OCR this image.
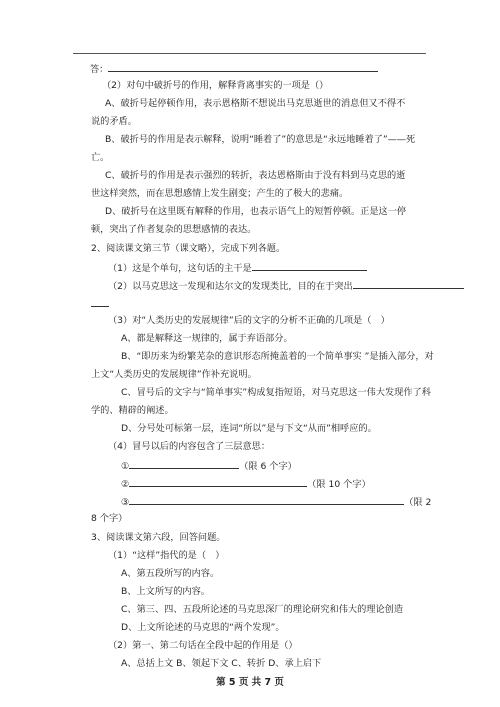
答：
（2）对句中破折号的作用，解释背离事实的一项是（）
A、破折号起停顿作用，表示恩格斯不想说出马克思逝世的消息但又不得不
说的矛盾。
B、破折号的作用是表示解释，说明“睡着了”的意思是“永远地睡着了”——死
亡。
C、破折号的作用是表示强烈的转折，表达恩格斯由于没有料到马克思的逝
世这样突然，而在思想感情上发生剧变；产生的了极大的悲痛。
D、破折号在这里既有解释的作用，也表示语气上的短暂停顿。正是这一停
顿，突出了作者复杂的思想感情的表达。
2、阅读课文第三节（课文略），完成下列各题。
（1）这是个单句，这句话的主干是
（2）以马克思这一发现和达尔文的发现类比，目的在于突出
（3）对“人类历史的发展规律”后的文字的分析不正确的几项是（　）
A、都是解释这一规律的，属于弃语部分。
B、“即历来为纷繁芜杂的意识形态所掩盖着的一个简单事实 ”是插入部分，对
上文“人类历史的发展规律”作补充说明。
C、冒号后的文字与“简单事实”构成复指短语，对马克思这一伟大发现作了科
学的、精辟的阐述。
D、分号处可标第一层，连词“所以”是与下文“从而”相呼应的。
（4）冒号以后的内容包含了三层意思：
①	（限 6 个字）
②	（限 10 个字）
③	（限 2
8 个字）
3、阅读课文第六段，回答问题。
（1）“这样”指代的是（　）
A、第五段所写的内容。
B、上文所写的内容。
C、第三、四、五段所论述的马克思深厂的理论研究和伟大的理论创造
D、上文所论述的马克思的“两个发现”。
（2）第一、第二句话在全段中起的作用是（）
A、总括上文 B、领起下文 C、转折 D、承上启下
第 5 页 共 7 页
